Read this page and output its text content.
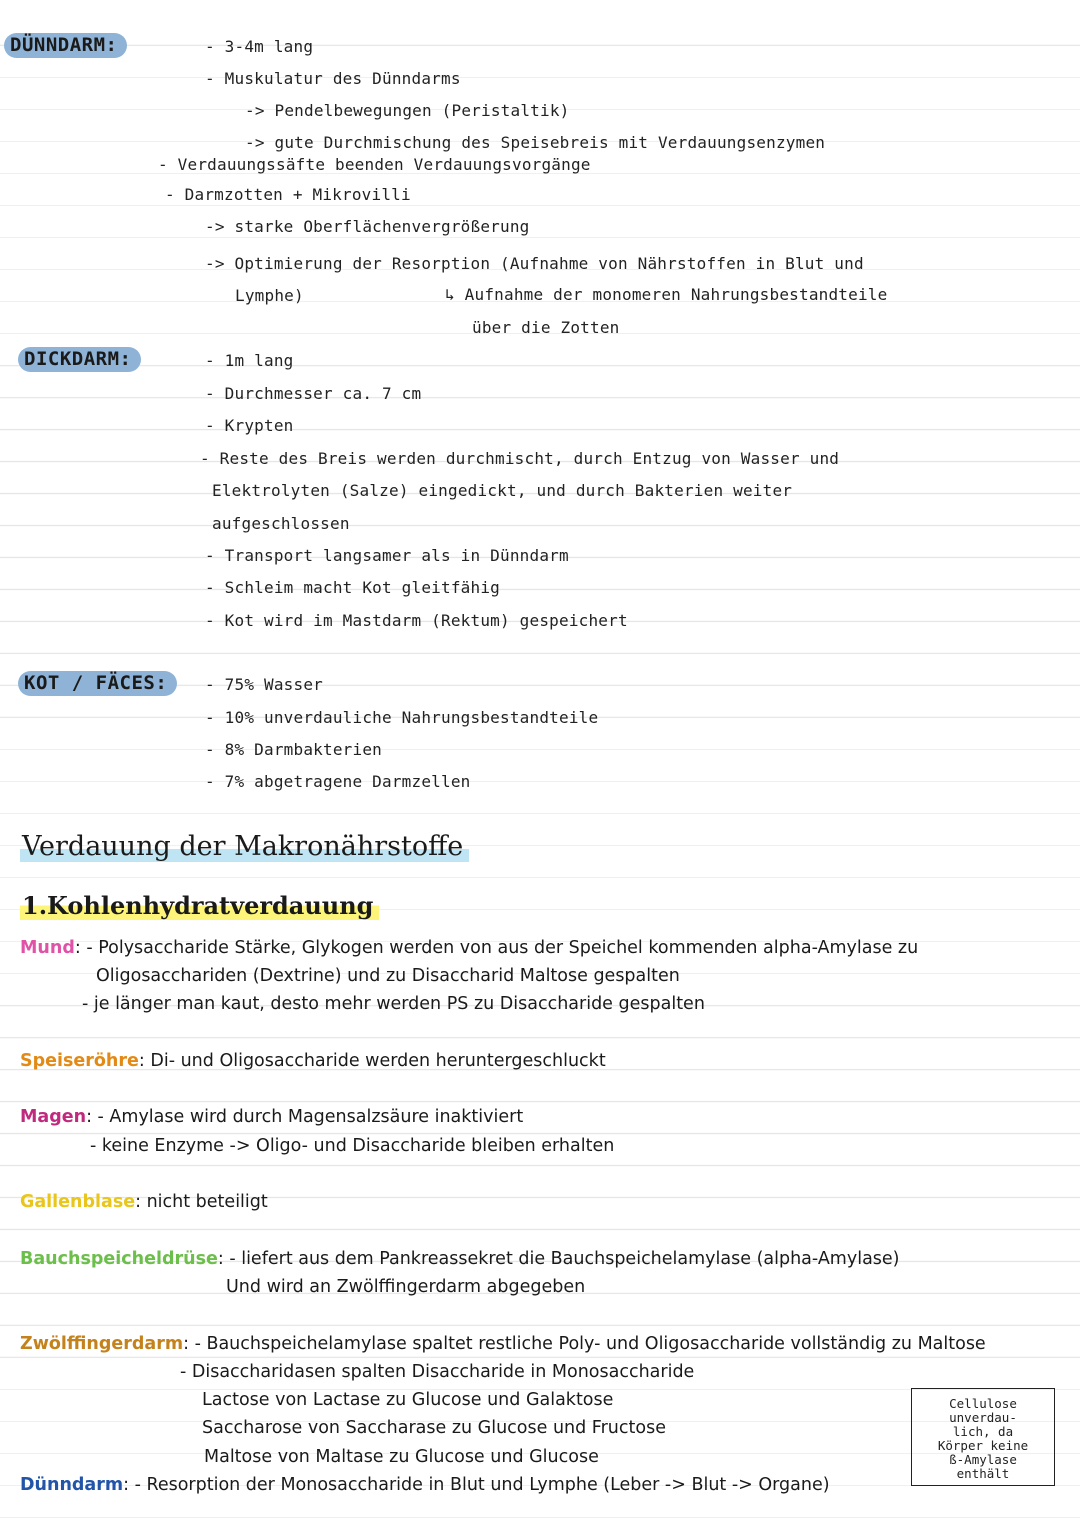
DÜNNDARM:	- 3-4m lang
- Muskulatur des Dünndarms
-> Pendelbewegungen (Peristaltik)
-> gute Durchmischung des Speisebreis mit Verdauungsenzymen
- Verdauungssäfte beenden Verdauungsvorgänge
- Darmzotten + Mikrovilli
-> starke Oberflächenvergrößerung
-> Optimierung der Resorption (Aufnahme von Nährstoffen in Blut und
Lymphe)	↳ Aufnahme der monomeren Nahrungsbestandteile
über die Zotten
DICKDARM:	- 1m lang
- Durchmesser ca. 7 cm
- Krypten
- Reste des Breis werden durchmischt, durch Entzug von Wasser und
Elektrolyten (Salze) eingedickt, und durch Bakterien weiter
aufgeschlossen
- Transport langsamer als in Dünndarm
- Schleim macht Kot gleitfähig
- Kot wird im Mastdarm (Rektum) gespeichert
KOT / FÄCES:	- 75% Wasser
- 10% unverdauliche Nahrungsbestandteile
- 8% Darmbakterien
- 7% abgetragene Darmzellen
Verdauung der Makronährstoffe
1.Kohlenhydratverdauung
Mund: - Polysaccharide Stärke, Glykogen werden von aus der Speichel kommenden alpha-Amylase zu
Oligosacchariden (Dextrine) und zu Disaccharid Maltose gespalten
- je länger man kaut, desto mehr werden PS zu Disaccharide gespalten
Speiseröhre: Di- und Oligosaccharide werden heruntergeschluckt
Magen: - Amylase wird durch Magensalzsäure inaktiviert
- keine Enzyme -> Oligo- und Disaccharide bleiben erhalten
Gallenblase: nicht beteiligt
Bauchspeicheldrüse: - liefert aus dem Pankreassekret die Bauchspeichelamylase (alpha-Amylase)
Und wird an Zwölffingerdarm abgegeben
Zwölffingerdarm: - Bauchspeichelamylase spaltet restliche Poly- und Oligosaccharide vollständig zu Maltose
- Disaccharidasen spalten Disaccharide in Monosaccharide
Lactose von Lactase zu Glucose und Galaktose
Saccharose von Saccharase zu Glucose und Fructose
Maltose von Maltase zu Glucose und Glucose
Dünndarm: - Resorption der Monosaccharide in Blut und Lymphe (Leber -> Blut -> Organe)
Cellulose
unverdau-
lich, da
Körper keine
ß-Amylase
enthält
